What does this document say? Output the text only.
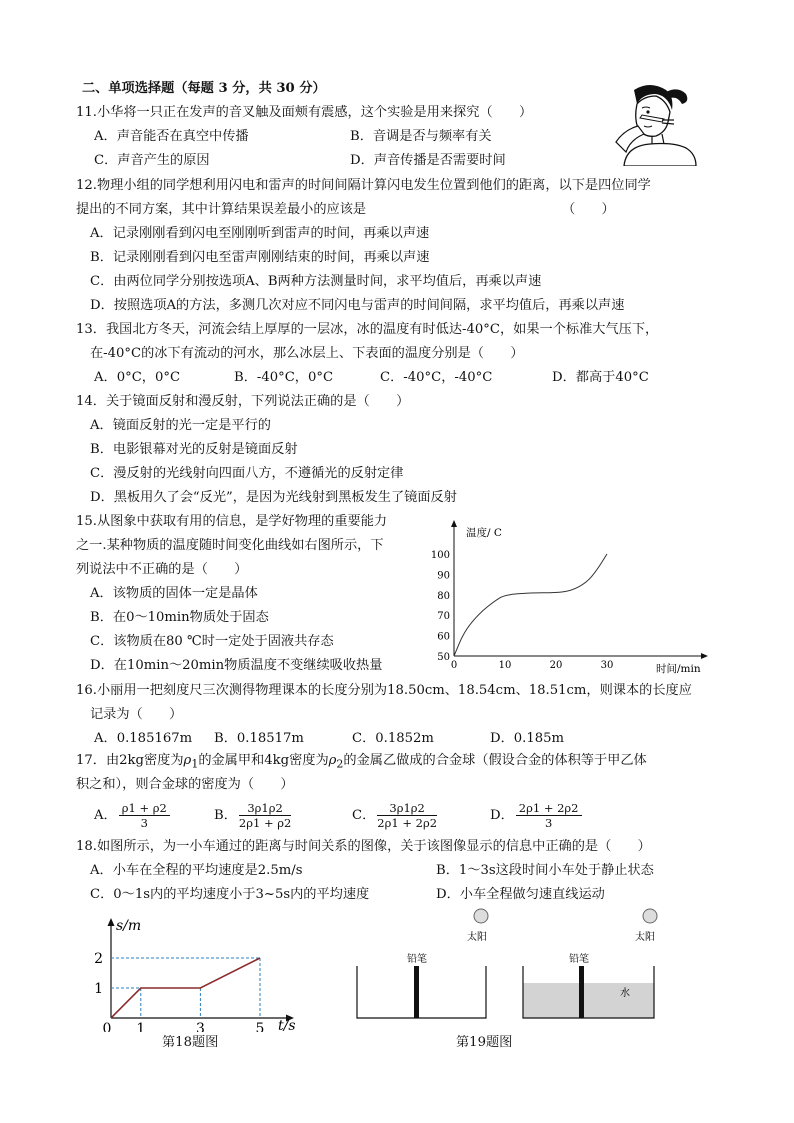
二、单项选择题（每题 3 分，共 30 分）
11.小华将一只正在发声的音叉触及面颊有震感，这个实验是用来探究（　　）
A．声音能否在真空中传播	B．音调是否与频率有关
C．声音产生的原因	D．声音传播是否需要时间
12.物理小组的同学想利用闪电和雷声的时间间隔计算闪电发生位置到他们的距离，以下是四位同学
提出的不同方案，其中计算结果误差最小的应该是	（　　）
A．记录刚刚看到闪电至刚刚听到雷声的时间，再乘以声速
B．记录刚刚看到闪电至雷声刚刚结束的时间，再乘以声速
C．由两位同学分别按选项A、B两种方法测量时间，求平均值后，再乘以声速
D．按照选项A的方法，多测几次对应不同闪电与雷声的时间间隔，求平均值后，再乘以声速
13．我国北方冬天，河流会结上厚厚的一层冰，冰的温度有时低达-40°C，如果一个标准大气压下，
在-40°C的冰下有流动的河水，那么冰层上、下表面的温度分别是（　　）
A．0°C，0°C	B．-40°C，0°C	C．-40°C，-40°C	D．都高于40°C
14．关于镜面反射和漫反射，下列说法正确的是（　　）
A．镜面反射的光一定是平行的
B．电影银幕对光的反射是镜面反射
C．漫反射的光线射向四面八方，不遵循光的反射定律
D．黑板用久了会“反光”，是因为光线射到黑板发生了镜面反射
15.从图象中获取有用的信息，是学好物理的重要能力
之一.某种物质的温度随时间变化曲线如右图所示，下
列说法中不正确的是（　　）
A．该物质的固体一定是晶体
B．在0～10min物质处于固态
C．该物质在80 ℃时一定处于固液共存态
D．在10min～20min物质温度不变继续吸收热量
温度/ C
时间/min
50
60
70
80
90
100
0	10	20	30
16.小丽用一把刻度尺三次测得物理课本的长度分别为18.50cm、18.54cm、18.51cm，则课本的长度应
记录为（　　）
A．0.185167m B．0.18517m	C．0.1852m	D．0.185m
17．由2kg密度为$\rho_1$的金属甲和4kg密度为$\rho_2$的金属乙做成的合金球（假设合金的体积等于甲乙体
积之和），则合金球的密度为（　　）
A． $\frac{\rho 1 + \rho 2}{3}$	B． $\frac{3\rho 1\rho 2}{2\rho 1 + \rho 2}$	C． $\frac{3\rho 1\rho 2}{2\rho 1 + 2\rho 2}$	D． $\frac{2\rho 1 + 2\rho 2}{3}$
18.如图所示，为一小车通过的距离与时间关系的图像，关于该图像显示的信息中正确的是（　　）
A．小车在全程的平均速度是2.5m/s	B．1～3s这段时间小车处于静止状态
C．0～1s内的平均速度小于3~5s内的平均速度	D．小车全程做匀速直线运动
s/m
t/s
1
2
0 1	3	5
第18题图
太阳	太阳
铅笔	铅笔
水
第19题图
